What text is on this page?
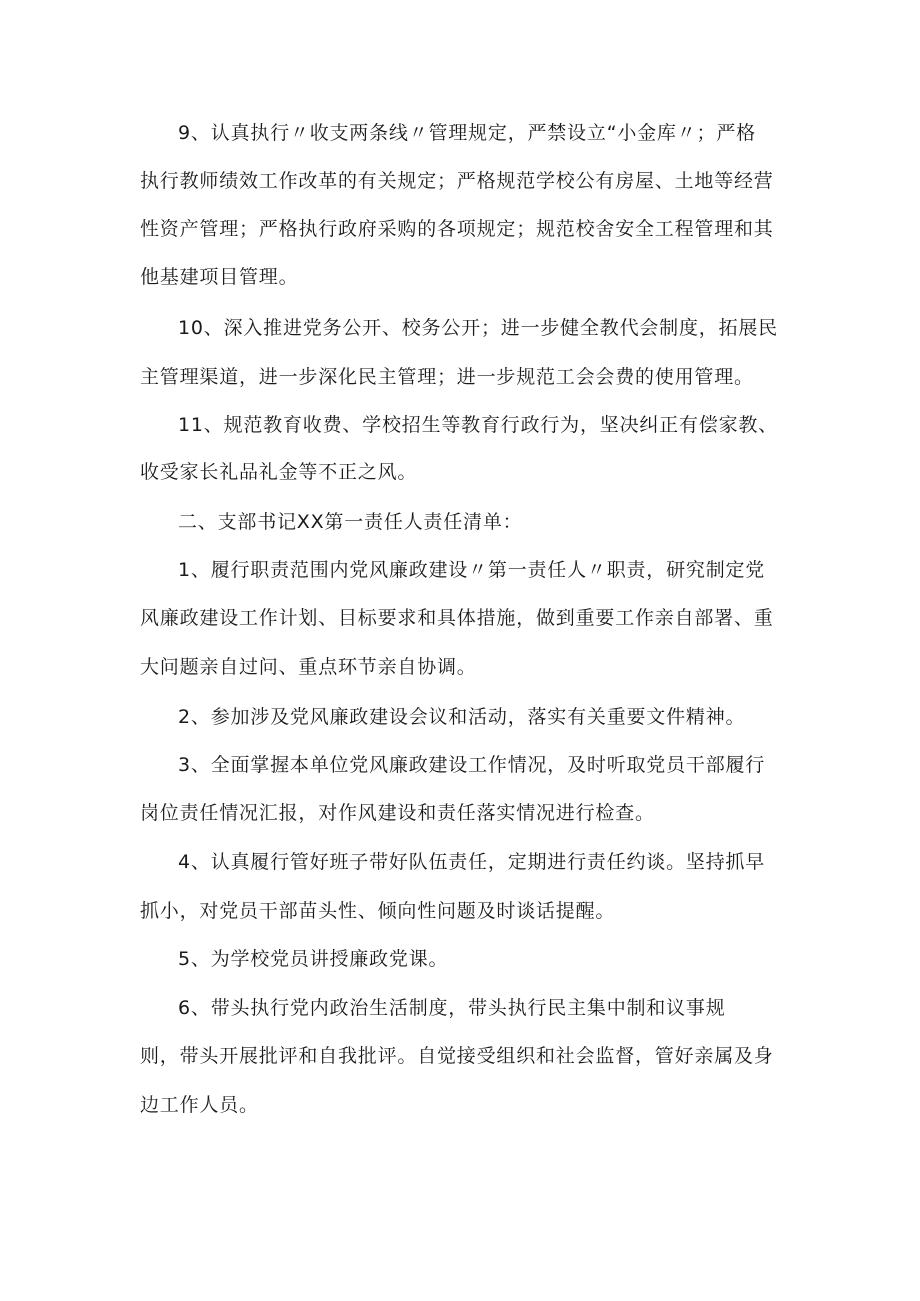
9、认真执行〃收支两条线〃管理规定，严禁设立“小金库〃；严格
执行教师绩效工作改革的有关规定；严格规范学校公有房屋、土地等经营
性资产管理；严格执行政府采购的各项规定；规范校舍安全工程管理和其
他基建项目管理。
10、深入推进党务公开、校务公开；进一步健全教代会制度，拓展民
主管理渠道，进一步深化民主管理；进一步规范工会会费的使用管理。
11、规范教育收费、学校招生等教育行政行为，坚决纠正有偿家教、
收受家长礼品礼金等不正之风。
二、支部书记XX第一责任人责任清单：
1、履行职责范围内党风廉政建设〃第一责任人〃职责，研究制定党
风廉政建设工作计划、目标要求和具体措施，做到重要工作亲自部署、重
大问题亲自过问、重点环节亲自协调。
2、参加涉及党风廉政建设会议和活动，落实有关重要文件精神。
3、全面掌握本单位党风廉政建设工作情况，及时听取党员干部履行
岗位责任情况汇报，对作风建设和责任落实情况进行检查。
4、认真履行管好班子带好队伍责任，定期进行责任约谈。坚持抓早
抓小，对党员干部苗头性、倾向性问题及时谈话提醒。
5、为学校党员讲授廉政党课。
6、带头执行党内政治生活制度，带头执行民主集中制和议事规
则，带头开展批评和自我批评。自觉接受组织和社会监督，管好亲属及身
边工作人员。
